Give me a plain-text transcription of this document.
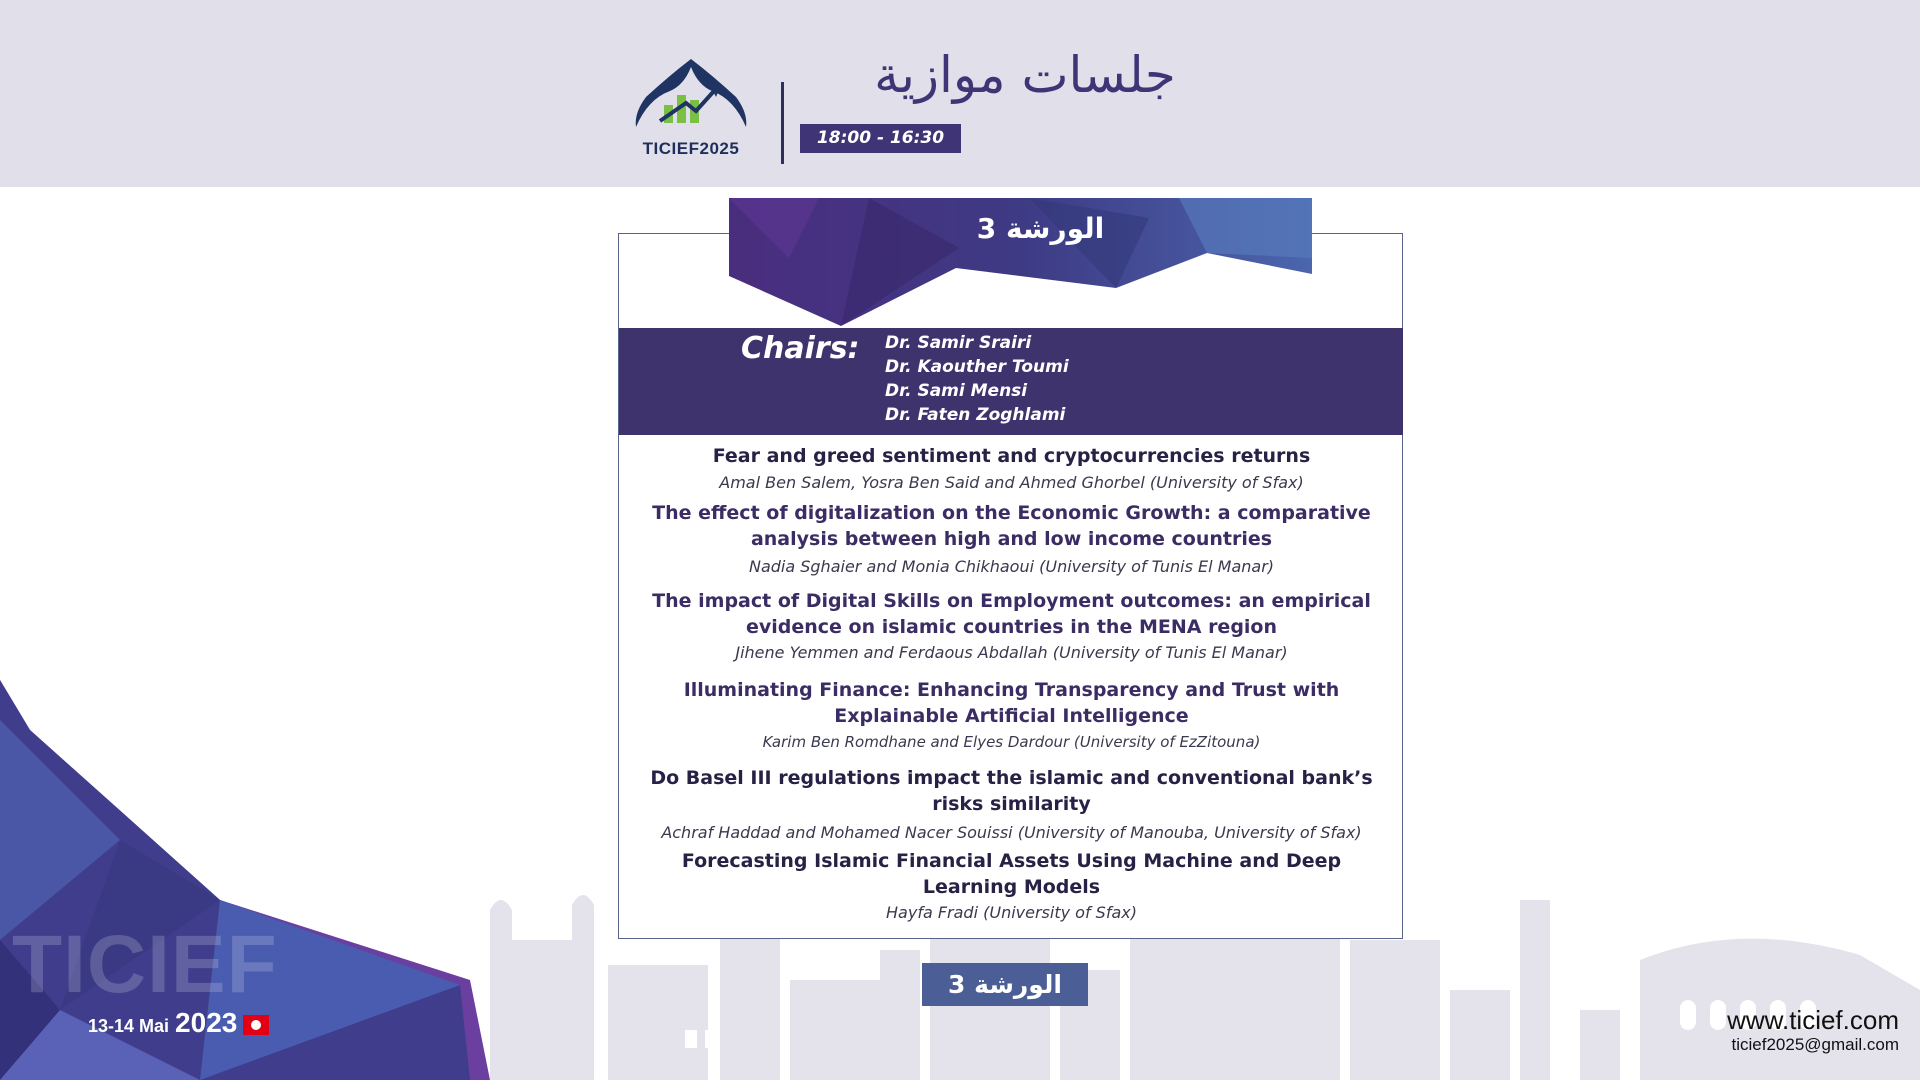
TICIEF2025
18:00 - 16:30
جلسات موازية
TICIEF
13-14 Mai 2023
الورشة 3
Chairs: Dr. Samir Srairi
Dr. Kaouther Toumi
Dr. Sami Mensi
Dr. Faten Zoghlami
Fear and greed sentiment and cryptocurrencies returns
Amal Ben Salem, Yosra Ben Said and Ahmed Ghorbel (University of Sfax)
The effect of digitalization on the Economic Growth: a comparative analysis between high and low income countries
Nadia Sghaier and Monia Chikhaoui (University of Tunis El Manar)
The impact of Digital Skills on Employment outcomes: an empirical evidence on islamic countries in the MENA region
Jihene Yemmen and Ferdaous Abdallah (University of Tunis El Manar)
Illuminating Finance: Enhancing Transparency and Trust with Explainable Artificial Intelligence
Karim Ben Romdhane and Elyes Dardour (University of EzZitouna)
Do Basel III regulations impact the islamic and conventional bank’s risks similarity
Achraf Haddad and Mohamed Nacer Souissi (University of Manouba, University of Sfax)
Forecasting Islamic Financial Assets Using Machine and Deep Learning Models
Hayfa Fradi (University of Sfax)
الورشة 3
www.ticief.com
ticief2025@gmail.com
